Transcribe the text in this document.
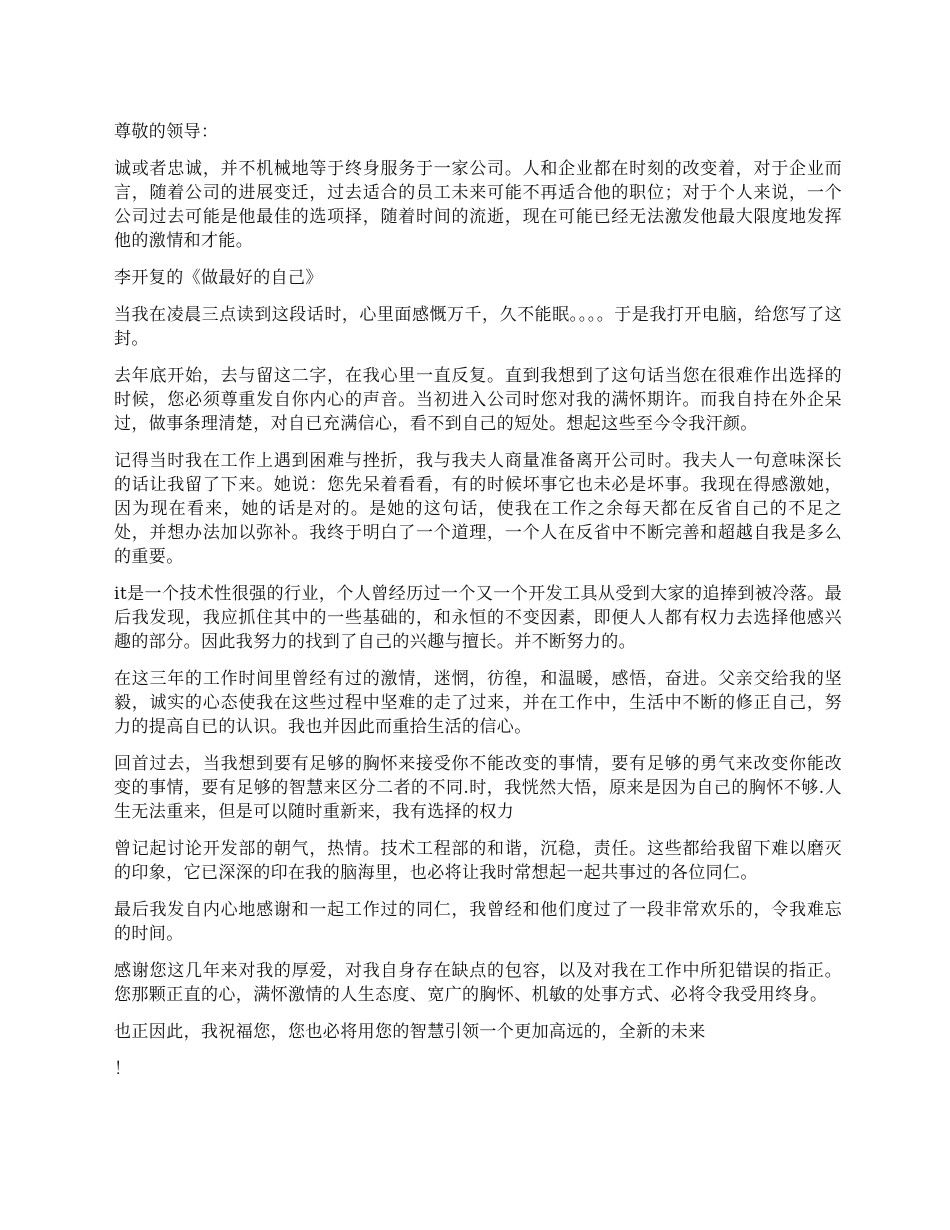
尊敬的领导：

诚或者忠诚，并不机械地等于终身服务于一家公司。人和企业都在时刻的改变着，对于企业而言，随着公司的进展变迁，过去适合的员工未来可能不再适合他的职位；对于个人来说，一个公司过去可能是他最佳的选项择，随着时间的流逝，现在可能已经无法激发他最大限度地发挥他的激情和才能。

李开复的《做最好的自己》

当我在凌晨三点读到这段话时，心里面感慨万千，久不能眠。。。。于是我打开电脑，给您写了这封。

去年底开始，去与留这二字，在我心里一直反复。直到我想到了这句话当您在很难作出选择的时候，您必须尊重发自你内心的声音。当初进入公司时您对我的满怀期许。而我自持在外企呆过，做事条理清楚，对自已充满信心，看不到自己的短处。想起这些至今令我汗颜。

记得当时我在工作上遇到困难与挫折，我与我夫人商量准备离开公司时。我夫人一句意味深长的话让我留了下来。她说：您先呆着看看，有的时候坏事它也未必是坏事。我现在得感激她，因为现在看来，她的话是对的。是她的这句话，使我在工作之余每天都在反省自己的不足之处，并想办法加以弥补。我终于明白了一个道理，一个人在反省中不断完善和超越自我是多么的重要。

it是一个技术性很强的行业，个人曾经历过一个又一个开发工具从受到大家的追捧到被冷落。最后我发现，我应抓住其中的一些基础的，和永恒的不变因素，即便人人都有权力去选择他感兴趣的部分。因此我努力的找到了自己的兴趣与擅长。并不断努力的。

在这三年的工作时间里曾经有过的激情，迷惘，彷徨，和温暖，感悟，奋进。父亲交给我的坚毅，诚实的心态使我在这些过程中坚难的走了过来，并在工作中，生活中不断的修正自己，努力的提高自已的认识。我也并因此而重拾生活的信心。

回首过去，当我想到要有足够的胸怀来接受你不能改变的事情，要有足够的勇气来改变你能改变的事情，要有足够的智慧来区分二者的不同.时，我恍然大悟，原来是因为自己的胸怀不够.人生无法重来，但是可以随时重新来，我有选择的权力

曾记起讨论开发部的朝气，热情。技术工程部的和谐，沉稳，责任。这些都给我留下难以磨灭的印象，它已深深的印在我的脑海里，也必将让我时常想起一起共事过的各位同仁。

最后我发自内心地感谢和一起工作过的同仁，我曾经和他们度过了一段非常欢乐的，令我难忘的时间。

感谢您这几年来对我的厚爱，对我自身存在缺点的包容，以及对我在工作中所犯错误的指正。您那颗正直的心，满怀激情的人生态度、宽广的胸怀、机敏的处事方式、必将令我受用终身。

也正因此，我祝福您，您也必将用您的智慧引领一个更加高远的，全新的未来

！
